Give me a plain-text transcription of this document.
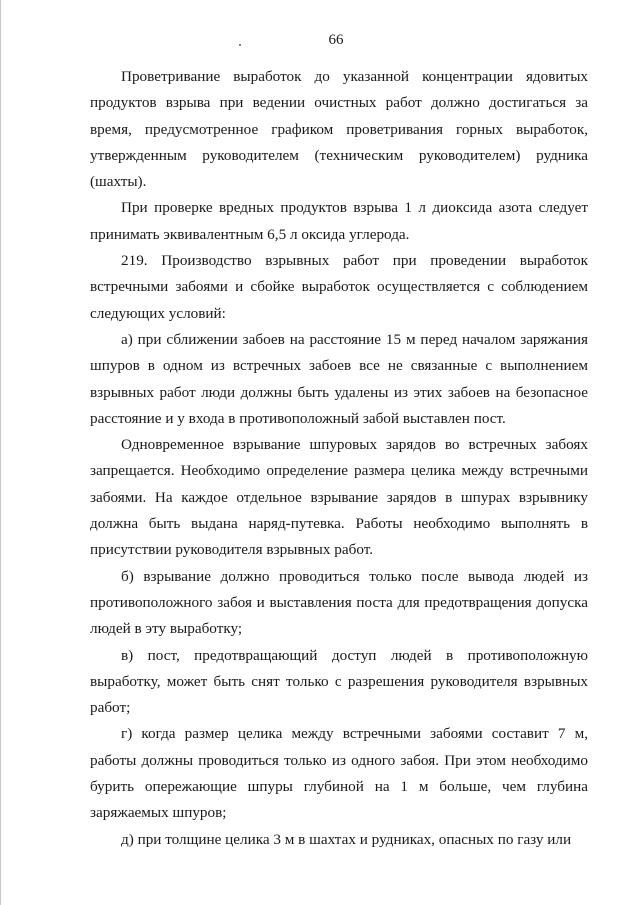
66

Проветривание выработок до указанной концентрации ядовитых продуктов взрыва при ведении очистных работ должно достигаться за время, предусмотренное графиком проветривания горных выработок, утвержденным руководителем (техническим руководителем) рудника (шахты).

При проверке вредных продуктов взрыва 1 л диоксида азота следует принимать эквивалентным 6,5 л оксида углерода.

219. Производство взрывных работ при проведении выработок встречными забоями и сбойке выработок осуществляется с соблюдением следующих условий:

а) при сближении забоев на расстояние 15 м перед началом заряжания шпуров в одном из встречных забоев все не связанные с выполнением взрывных работ люди должны быть удалены из этих забоев на безопасное расстояние и у входа в противоположный забой выставлен пост.

Одновременное взрывание шпуровых зарядов во встречных забоях запрещается. Необходимо определение размера целика между встречными забоями. На каждое отдельное взрывание зарядов в шпурах взрывнику должна быть выдана наряд-путевка. Работы необходимо выполнять в присутствии руководителя взрывных работ.

б) взрывание должно проводиться только после вывода людей из противоположного забоя и выставления поста для предотвращения допуска людей в эту выработку;

в) пост, предотвращающий доступ людей в противоположную выработку, может быть снят только с разрешения руководителя взрывных работ;

г) когда размер целика между встречными забоями составит 7 м, работы должны проводиться только из одного забоя. При этом необходимо бурить опережающие шпуры глубиной на 1 м больше, чем глубина заряжаемых шпуров;

д) при толщине целика 3 м в шахтах и рудниках, опасных по газу или
